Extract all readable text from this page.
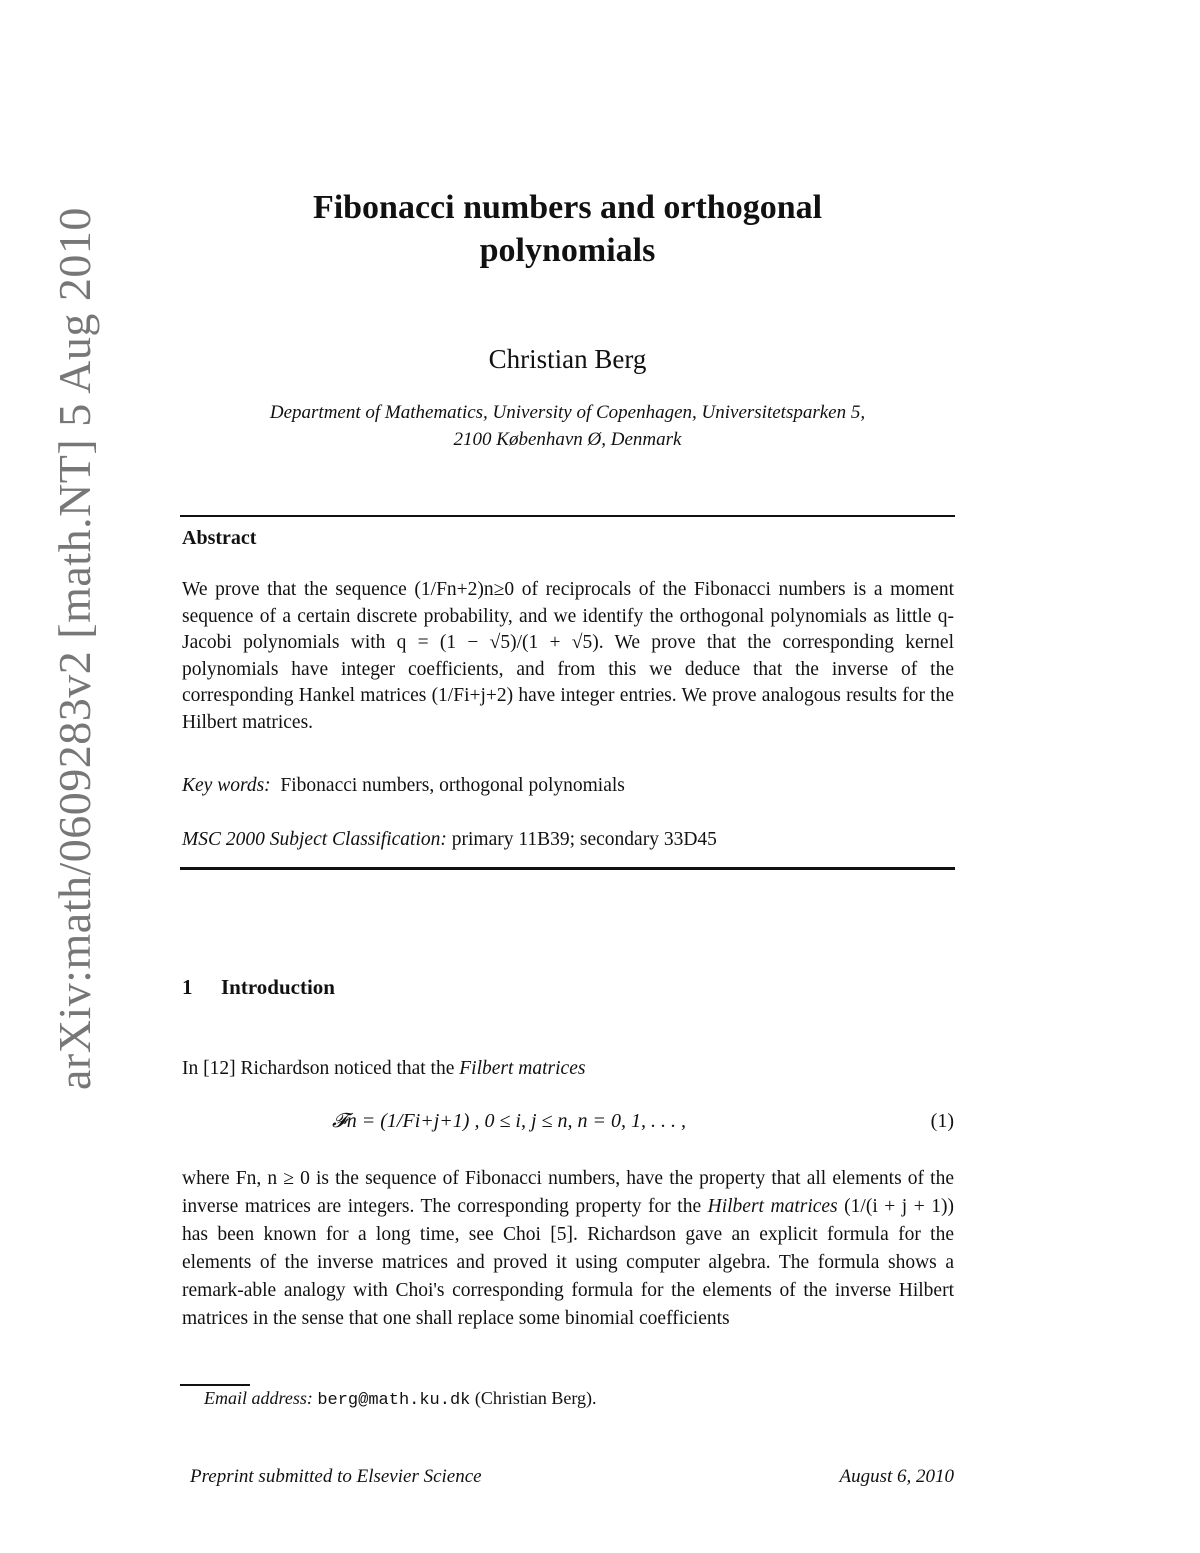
arXiv:math/0609283v2 [math.NT] 5 Aug 2010	Fibonacci numbers and orthogonal
polynomials
Christian Berg
Department of Mathematics, University of Copenhagen, Universitetsparken 5,
2100 København Ø, Denmark
Abstract
We prove that the sequence (1/Fn+2)n≥0 of reciprocals of the Fibonacci numbers is a moment sequence of a certain discrete probability, and we identify the orthogonal polynomials as little q-Jacobi polynomials with q = (1 − √5)/(1 + √5). We prove that the corresponding kernel polynomials have integer coefficients, and from this we deduce that the inverse of the corresponding Hankel matrices (1/Fi+j+2) have integer entries. We prove analogous results for the Hilbert matrices.
Key words: Fibonacci numbers, orthogonal polynomials
MSC 2000 Subject Classification: primary 11B39; secondary 33D45
1 Introduction
In [12] Richardson noticed that the Filbert matrices
𝓕n = (1/Fi+j+1) , 0 ≤ i, j ≤ n, n = 0, 1, . . . ,	(1)
where Fn, n ≥ 0 is the sequence of Fibonacci numbers, have the property that all elements of the inverse matrices are integers. The corresponding property for the Hilbert matrices (1/(i + j + 1)) has been known for a long time, see Choi [5]. Richardson gave an explicit formula for the elements of the inverse matrices and proved it using computer algebra. The formula shows a remark-able analogy with Choi's corresponding formula for the elements of the inverse Hilbert matrices in the sense that one shall replace some binomial coefficients
Email address: berg@math.ku.dk (Christian Berg).
Preprint submitted to Elsevier Science	August 6, 2010
